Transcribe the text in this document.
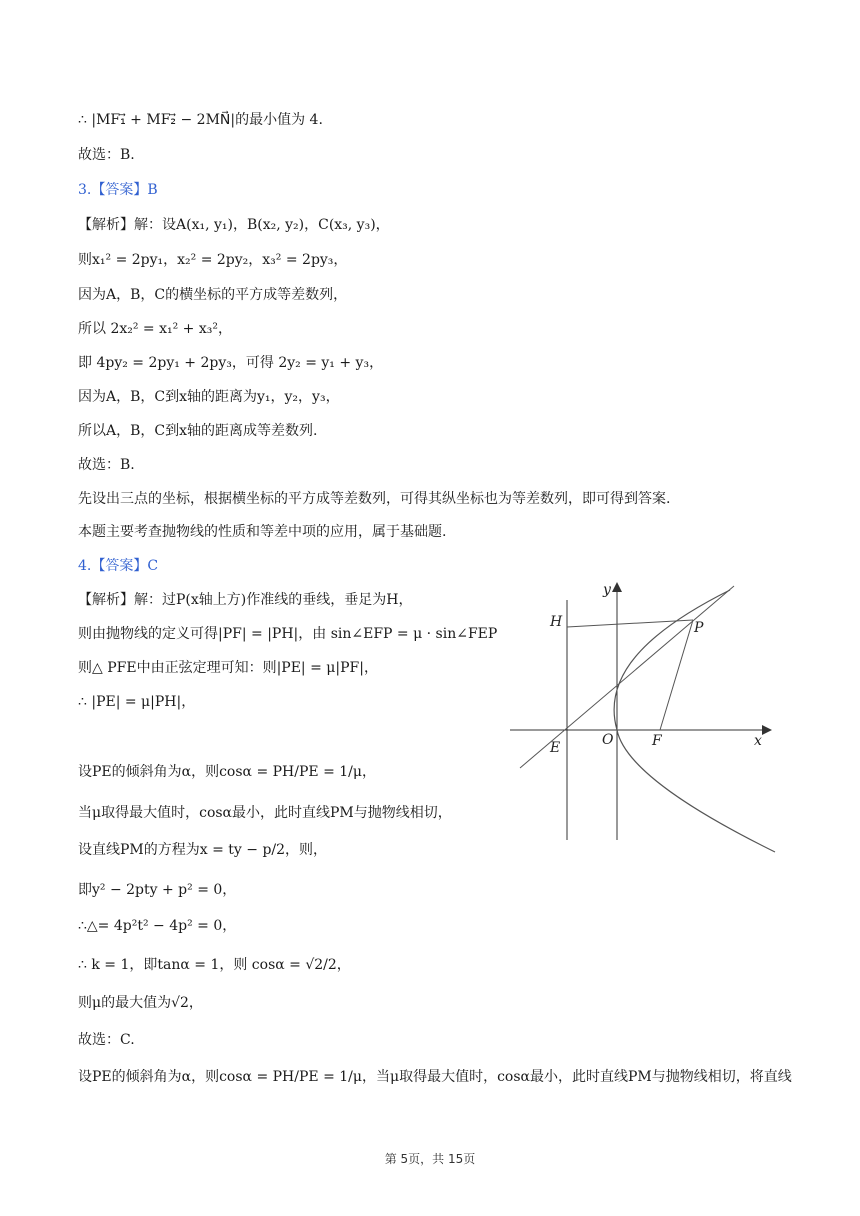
∴ |MF₁⃗ + MF₂⃗ − 2MN⃗|的最小值为 4.
故选：B.
3.【答案】B
【解析】解：设A(x₁, y₁)，B(x₂, y₂)，C(x₃, y₃)，
则x₁² = 2py₁，x₂² = 2py₂，x₃² = 2py₃，
因为A，B，C的横坐标的平方成等差数列，
所以 2x₂² = x₁² + x₃²，
即 4py₂ = 2py₁ + 2py₃，可得 2y₂ = y₁ + y₃，
因为A，B，C到x轴的距离为y₁，y₂，y₃，
所以A，B，C到x轴的距离成等差数列.
故选：B.
先设出三点的坐标，根据横坐标的平方成等差数列，可得其纵坐标也为等差数列，即可得到答案.
本题主要考查抛物线的性质和等差中项的应用，属于基础题.
4.【答案】C
【解析】解：过P(x轴上方)作准线的垂线，垂足为H，
则由抛物线的定义可得|PF| = |PH|，由 sin∠EFP = μ · sin∠FEP
则△ PFE中由正弦定理可知：则|PE| = μ|PF|，
∴ |PE| = μ|PH|，
设PE的倾斜角为α，则cosα = PH/PE = 1/μ，
当μ取得最大值时，cosα最小，此时直线PM与抛物线相切，
设直线PM的方程为x = ty − p/2，则，
即y² − 2pty + p² = 0，
∴△= 4p²t² − 4p² = 0，
∴ k = 1，即tanα = 1，则 cosα = √2/2，
则μ的最大值为√2，
故选：C.
设PE的倾斜角为α，则cosα = PH/PE = 1/μ，当μ取得最大值时，cosα最小，此时直线PM与抛物线相切，将直线
y
x
H	P
E	O	F
第 5页，共 15页
